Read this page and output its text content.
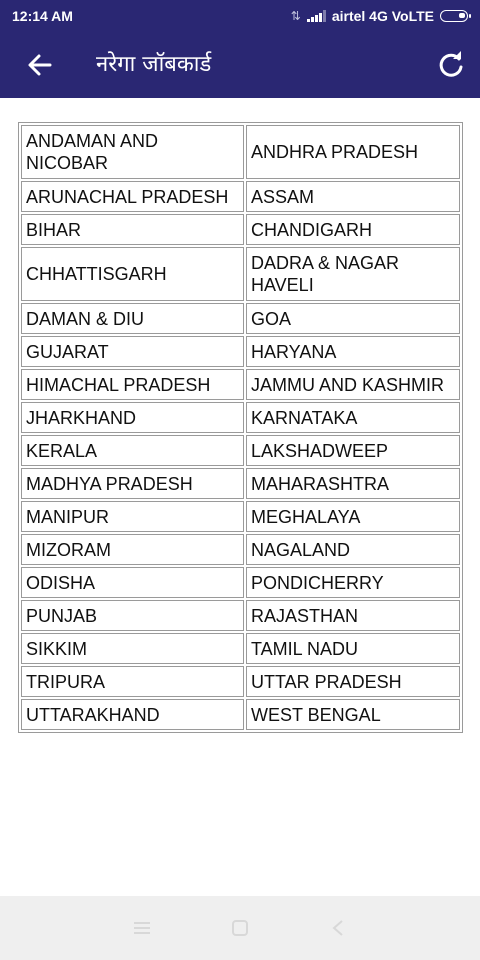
12:14 AM	⇅ airtel 4G VoLTE
नरेगा जॉबकार्ड
ANDAMAN AND NICOBAR	ANDHRA PRADESH
ARUNACHAL PRADESH	ASSAM
BIHAR	CHANDIGARH
CHHATTISGARH	DADRA & NAGAR HAVELI
DAMAN & DIU	GOA
GUJARAT	HARYANA
HIMACHAL PRADESH	JAMMU AND KASHMIR
JHARKHAND	KARNATAKA
KERALA	LAKSHADWEEP
MADHYA PRADESH	MAHARASHTRA
MANIPUR	MEGHALAYA
MIZORAM	NAGALAND
ODISHA	PONDICHERRY
PUNJAB	RAJASTHAN
SIKKIM	TAMIL NADU
TRIPURA	UTTAR PRADESH
UTTARAKHAND	WEST BENGAL
